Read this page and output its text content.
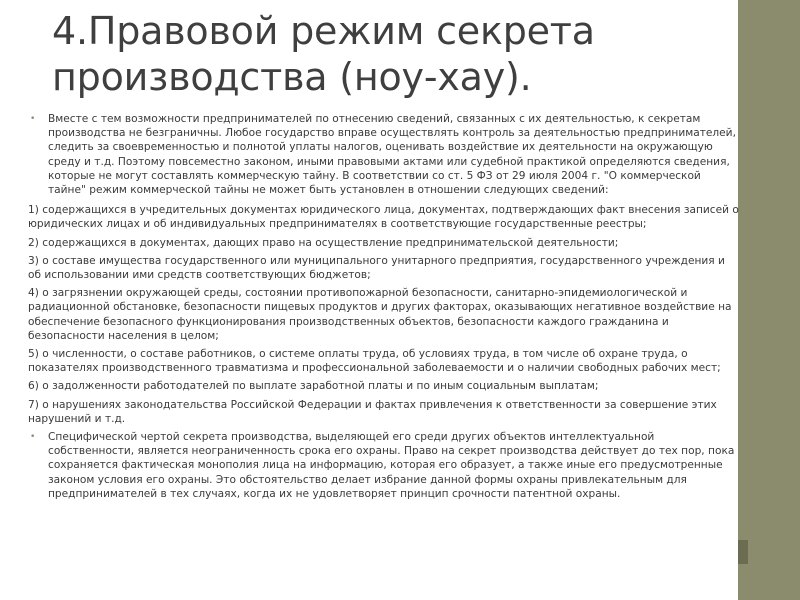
4.Правовой режим секрета производства (ноу-хау).

• Вместе с тем возможности предпринимателей по отнесению сведений, связанных с их деятельностью, к секретам производства не безграничны. Любое государство вправе осуществлять контроль за деятельностью предпринимателей, следить за своевременностью и полнотой уплаты налогов, оценивать воздействие их деятельности на окружающую среду и т.д. Поэтому повсеместно законом, иными правовыми актами или судебной практикой определяются сведения, которые не могут составлять коммерческую тайну. В соответствии со ст. 5 ФЗ от 29 июля 2004 г. "О коммерческой тайне" режим коммерческой тайны не может быть установлен в отношении следующих сведений:

1) содержащихся в учредительных документах юридического лица, документах, подтверждающих факт внесения записей о юридических лицах и об индивидуальных предпринимателях в соответствующие государственные реестры;

2) содержащихся в документах, дающих право на осуществление предпринимательской деятельности;

3) о составе имущества государственного или муниципального унитарного предприятия, государственного учреждения и об использовании ими средств соответствующих бюджетов;

4) о загрязнении окружающей среды, состоянии противопожарной безопасности, санитарно-эпидемиологической и радиационной обстановке, безопасности пищевых продуктов и других факторах, оказывающих негативное воздействие на обеспечение безопасного функционирования производственных объектов, безопасности каждого гражданина и безопасности населения в целом;

5) о численности, о составе работников, о системе оплаты труда, об условиях труда, в том числе об охране труда, о показателях производственного травматизма и профессиональной заболеваемости и о наличии свободных рабочих мест;

6) о задолженности работодателей по выплате заработной платы и по иным социальным выплатам;

7) о нарушениях законодательства Российской Федерации и фактах привлечения к ответственности за совершение этих нарушений и т.д.

• Специфической чертой секрета производства, выделяющей его среди других объектов интеллектуальной собственности, является неограниченность срока его охраны. Право на секрет производства действует до тех пор, пока сохраняется фактическая монополия лица на информацию, которая его образует, а также иные его предусмотренные законом условия его охраны. Это обстоятельство делает избрание данной формы охраны привлекательным для предпринимателей в тех случаях, когда их не удовлетворяет принцип срочности патентной охраны.
